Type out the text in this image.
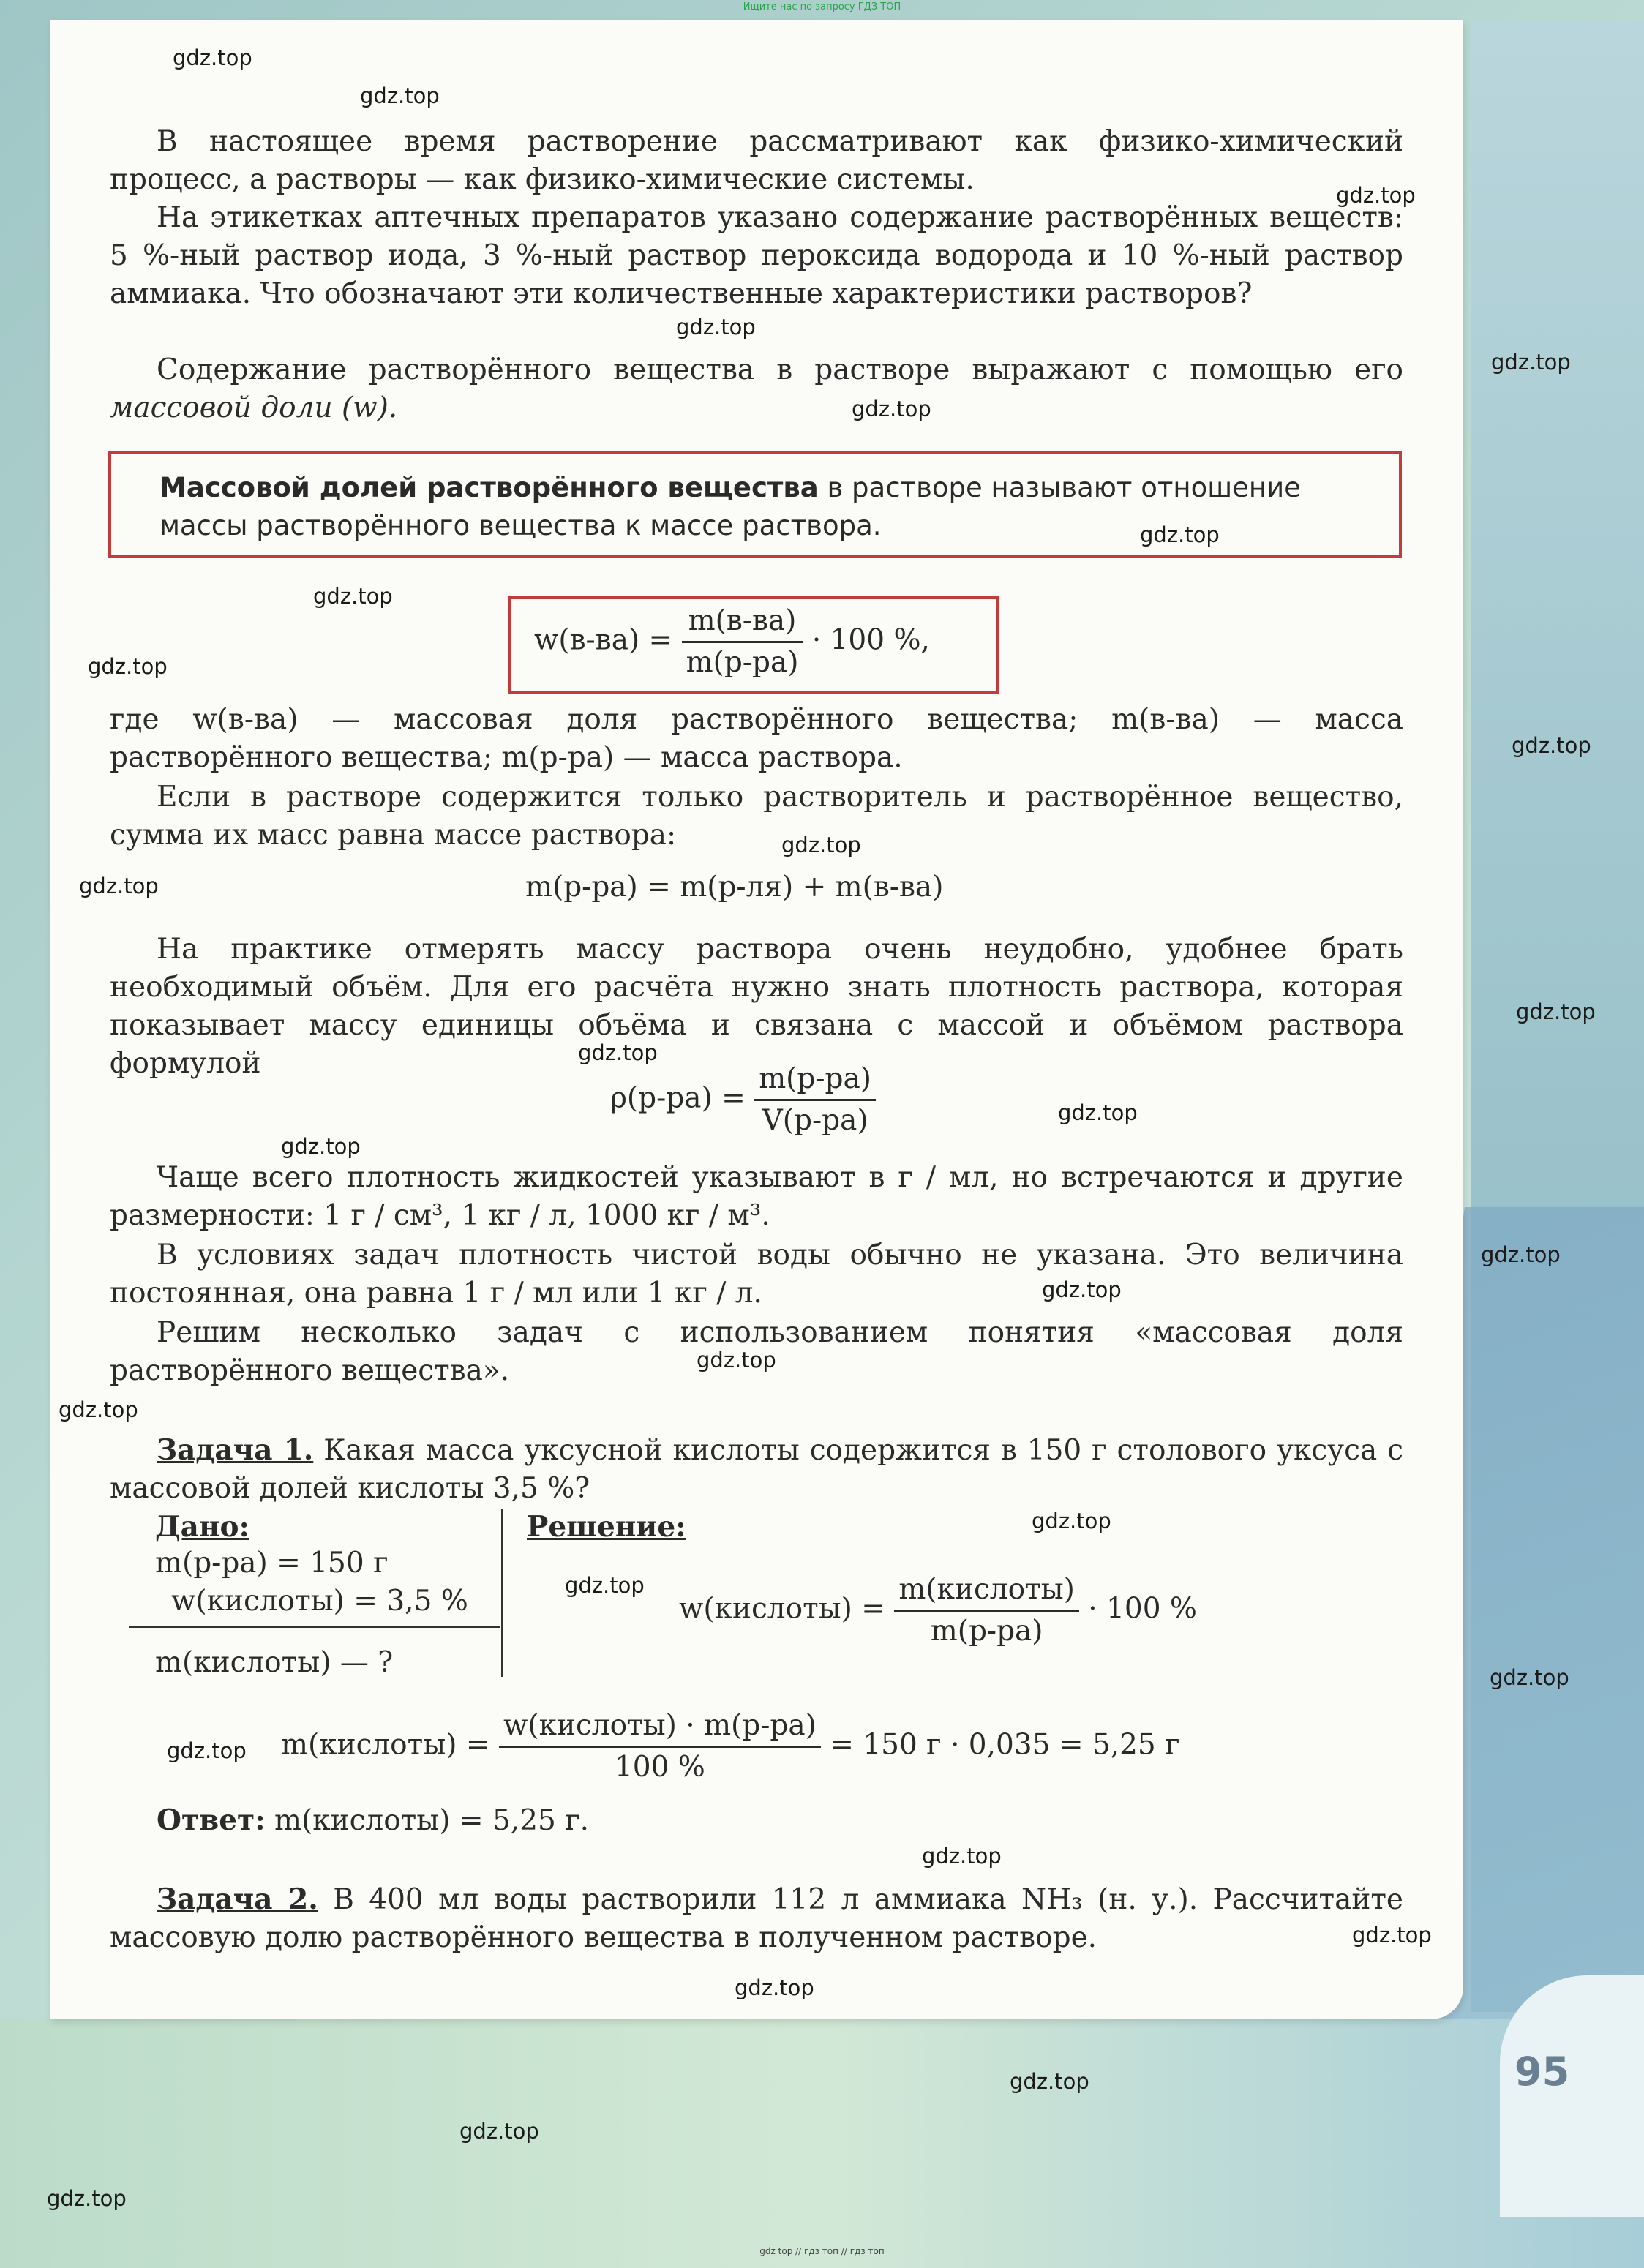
Ищите нас по запросу ГДЗ ТОП

В настоящее время растворение рассматривают как физико-химический процесс, а растворы — как физико-химические системы.

На этикетках аптечных препаратов указано содержание растворённых веществ: 5 %-ный раствор иода, 3 %-ный раствор пероксида водорода и 10 %-ный раствор аммиака. Что обозначают эти количественные характеристики растворов?

Содержание растворённого вещества в растворе выражают с помощью его массовой доли (w).

Массовой долей растворённого вещества в растворе называют отношение массы растворённого вещества к массе раствора.
$w(в-ва) = \frac{m(в-ва)}{m(р-ра)} \cdot 100$ %,

где w(в-ва) — массовая доля растворённого вещества; m(в-ва) — масса растворённого вещества; m(р-ра) — масса раствора.

Если в растворе содержится только растворитель и растворённое вещество, сумма их масс равна массе раствора:

m(р-ра) = m(р-ля) + m(в-ва)

На практике отмерять массу раствора очень неудобно, удобнее брать необходимый объём. Для его расчёта нужно знать плотность раствора, которая показывает массу единицы объёма и связана с массой и объёмом раствора формулой

$\rho(р-ра) = \frac{m(р-ра)}{V(р-ра)}$

Чаще всего плотность жидкостей указывают в г / мл, но встречаются и другие размерности: 1 г / см³, 1 кг / л, 1000 кг / м³.

В условиях задач плотность чистой воды обычно не указана. Это величина постоянная, она равна 1 г / мл или 1 кг / л.

Решим несколько задач с использованием понятия «массовая доля растворённого вещества».

Задача 1. Какая масса уксусной кислоты содержится в 150 г столового уксуса с массовой долей кислоты 3,5 %?

Дано:
m(р-ра) = 150 г
w(кислоты) = 3,5 %
m(кислоты) — ?
Решение:
w(кислоты) = $\frac{\text{m(кислоты)}}{m(р-ра)} \cdot 100$ %
m(кислоты) = $\frac{\text{w(кислоты) · m(р-ра)}}{100 \%} = 150$ г · 0,035 = 5,25 г

Ответ: m(кислоты) = 5,25 г.

Задача 2. В 400 мл воды растворили 112 л аммиака NH₃ (н. у.). Рассчитайте массовую долю растворённого вещества в полученном растворе.

95
gdz.top
gdz.top
gdz.top
gdz.top
gdz.top
gdz.top
gdz.top
gdz.top
gdz.top
gdz.top
gdz.top
gdz.top
gdz.top
gdz.top
gdz.top
gdz.top
gdz.top
gdz.top
gdz.top
gdz.top
gdz.top
gdz.top
gdz.top
gdz.top
gdz.top
gdz.top
gdz.top
gdz.top
gdz.top
gdz.top
gdz top // гдз топ // гдз топ
